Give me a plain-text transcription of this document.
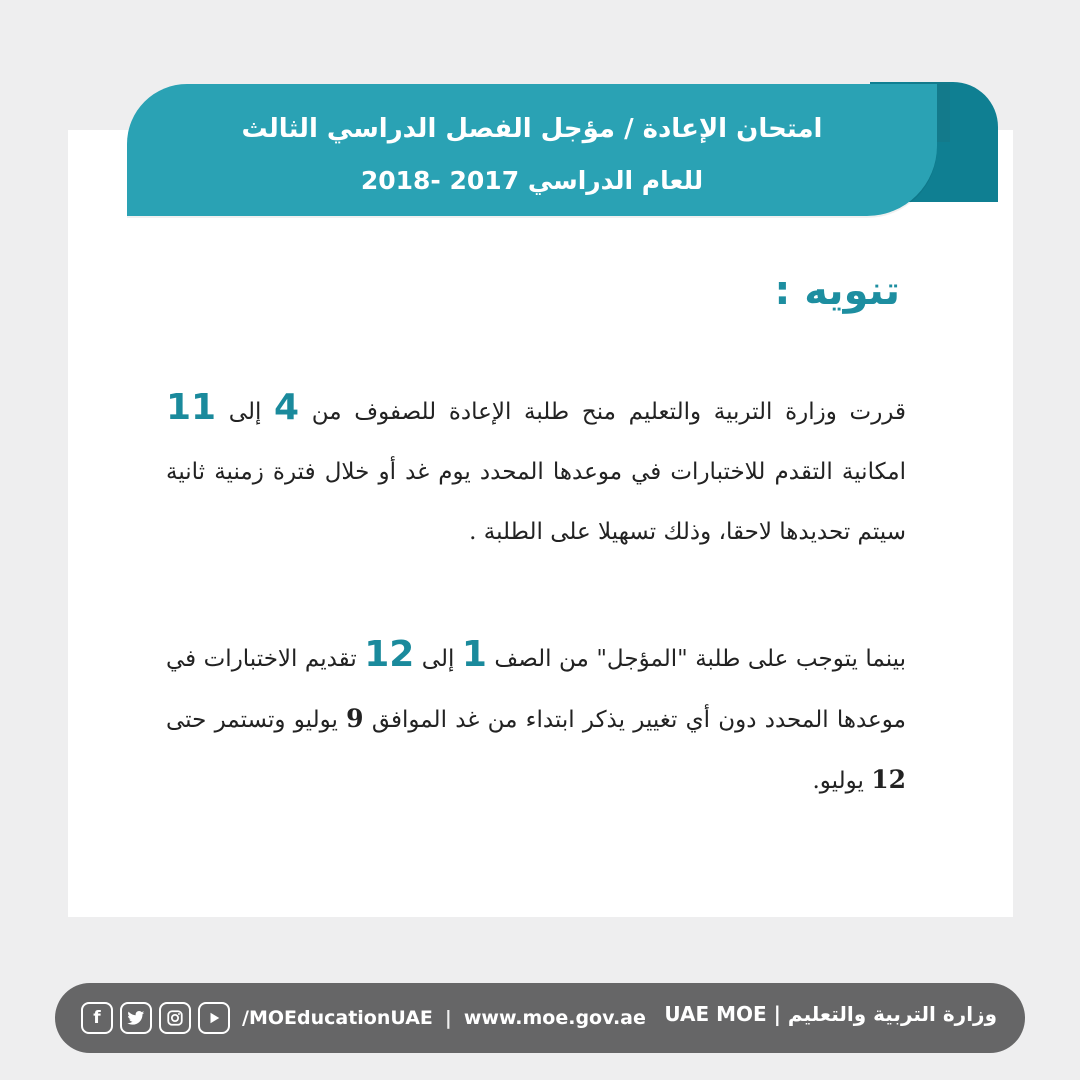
امتحان الإعادة / مؤجل الفصل الدراسي الثالث
للعام الدراسي 2017 -2018
تنويه :
قررت وزارة التربية والتعليم منح طلبة الإعادة للصفوف من 4 إلى 11 امكانية التقدم للاختبارات في موعدها المحدد يوم غد أو خلال فترة زمنية ثانية سيتم تحديدها لاحقا، وذلك تسهيلا على الطلبة .
بينما يتوجب على طلبة "المؤجل" من الصف 1 إلى 12 تقديم الاختبارات في موعدها المحدد دون أي تغيير يذكر ابتداء من غد الموافق 9 يوليو وتستمر حتى 12 يوليو.
f	/MOEducationUAE | www.moe.gov.ae وزارة التربية والتعليم | UAE MOE
